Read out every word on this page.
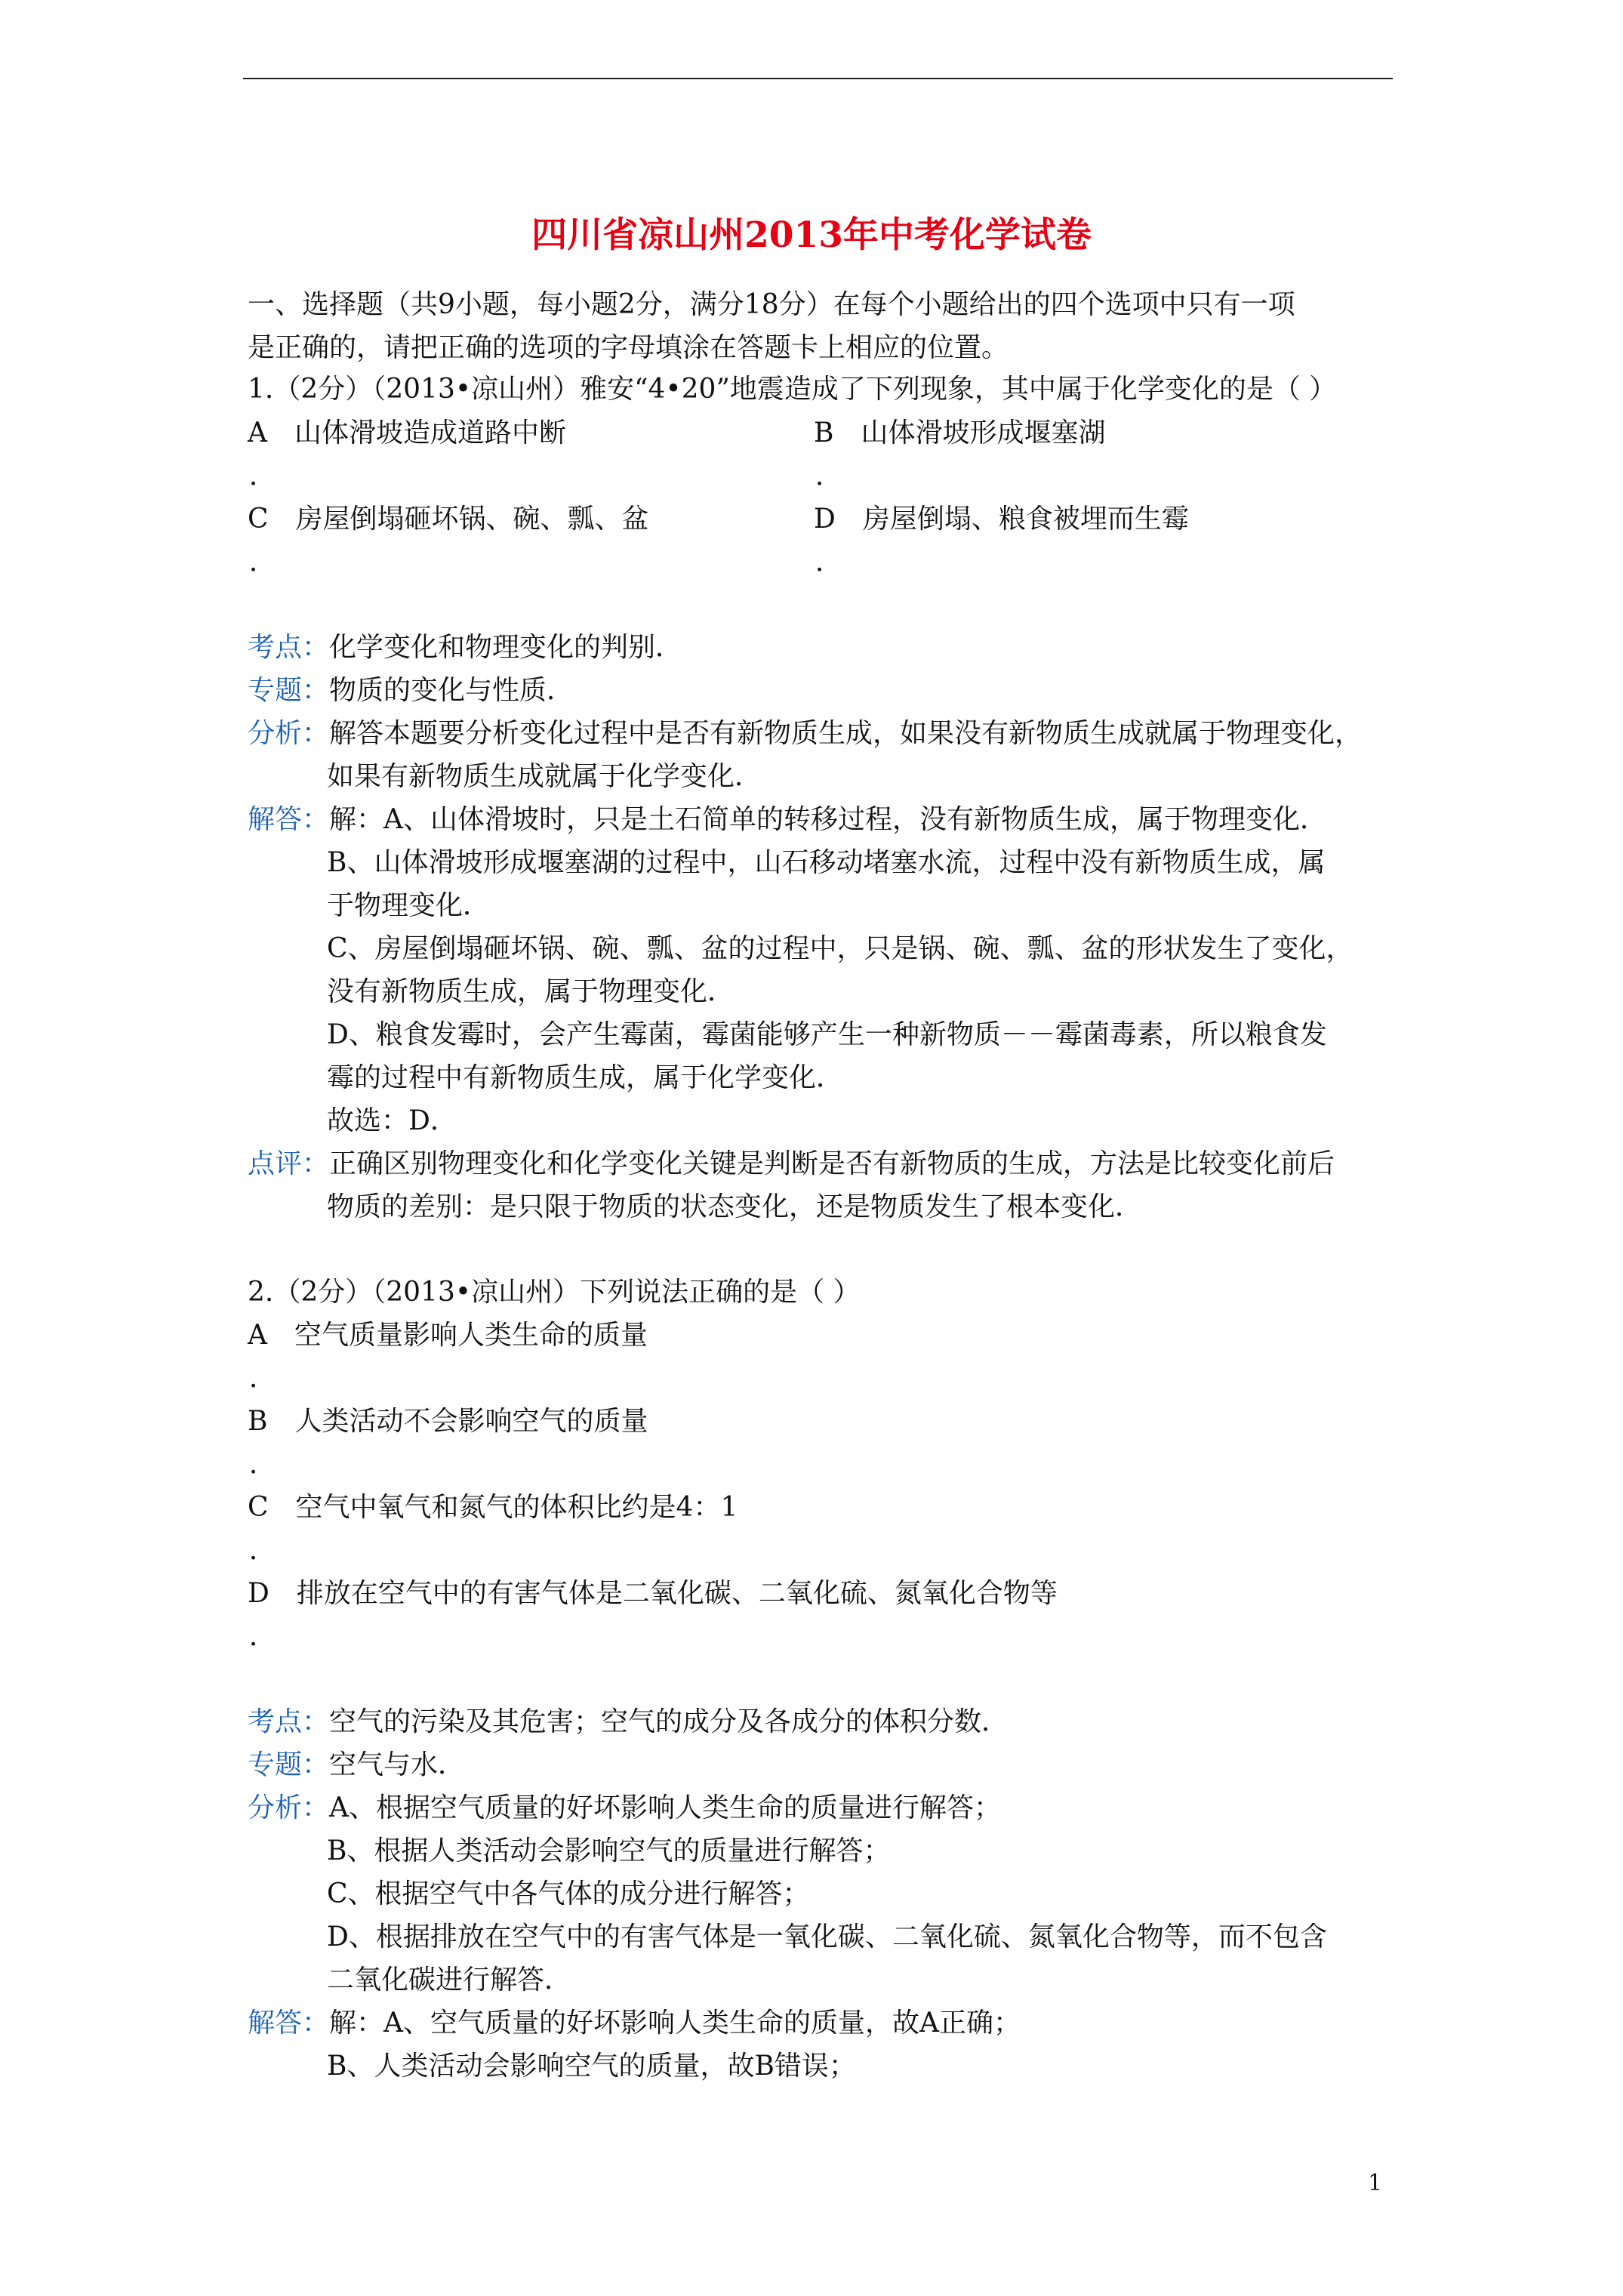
四川省凉山州2013年中考化学试卷
一、选择题（共9小题，每小题2分，满分18分）在每个小题给出的四个选项中只有一项
是正确的，请把正确的选项的字母填涂在答题卡上相应的位置。
1.（2分）（2013•凉山州）雅安“4•20”地震造成了下列现象，其中属于化学变化的是（ ）
A　山体滑坡造成道路中断	B　山体滑坡形成堰塞湖
．	．
C　房屋倒塌砸坏锅、碗、瓢、盆	D　房屋倒塌、粮食被埋而生霉
．	．
考点：化学变化和物理变化的判别．
专题：物质的变化与性质．
分析：解答本题要分析变化过程中是否有新物质生成，如果没有新物质生成就属于物理变化，
如果有新物质生成就属于化学变化．
解答：解：A、山体滑坡时，只是土石简单的转移过程，没有新物质生成，属于物理变化．
B、山体滑坡形成堰塞湖的过程中，山石移动堵塞水流，过程中没有新物质生成，属
于物理变化．
C、房屋倒塌砸坏锅、碗、瓢、盆的过程中，只是锅、碗、瓢、盆的形状发生了变化，
没有新物质生成，属于物理变化．
D、粮食发霉时，会产生霉菌，霉菌能够产生一种新物质－－霉菌毒素，所以粮食发
霉的过程中有新物质生成，属于化学变化．
故选：D．
点评：正确区别物理变化和化学变化关键是判断是否有新物质的生成，方法是比较变化前后
物质的差别：是只限于物质的状态变化，还是物质发生了根本变化．
2.（2分）（2013•凉山州）下列说法正确的是（ ）
A　空气质量影响人类生命的质量
．
B　人类活动不会影响空气的质量
．
C　空气中氧气和氮气的体积比约是4：1
．
D　排放在空气中的有害气体是二氧化碳、二氧化硫、氮氧化合物等
．
考点：空气的污染及其危害；空气的成分及各成分的体积分数．
专题：空气与水．
分析：A、根据空气质量的好坏影响人类生命的质量进行解答；
B、根据人类活动会影响空气的质量进行解答；
C、根据空气中各气体的成分进行解答；
D、根据排放在空气中的有害气体是一氧化碳、二氧化硫、氮氧化合物等，而不包含
二氧化碳进行解答．
解答：解：A、空气质量的好坏影响人类生命的质量，故A正确；
B、人类活动会影响空气的质量，故B错误；
1
